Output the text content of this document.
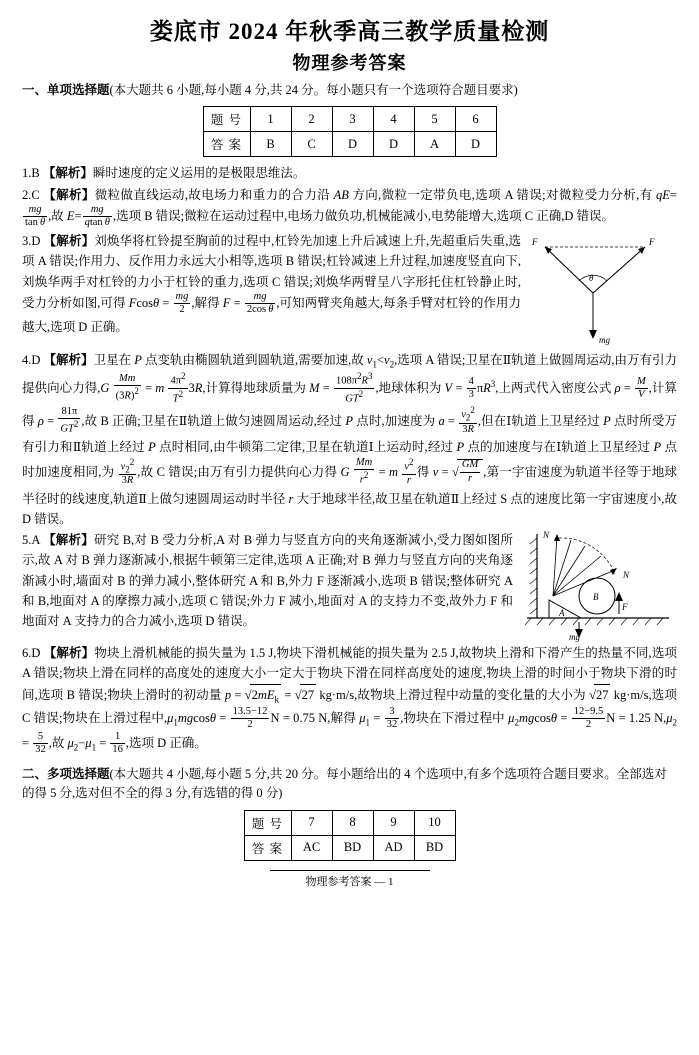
娄底市 2024 年秋季高三教学质量检测
物理参考答案
一、单项选择题(本大题共 6 小题,每小题 4 分,共 24 分。每小题只有一个选项符合题目要求)
题 号	1	2	3	4	5	6
答 案	B	C	D	D	A	D
1.B 【解析】瞬时速度的定义运用的是极限思维法。
2.C 【解析】微粒做直线运动,故电场力和重力的合力沿 AB 方向,微粒一定带负电,选项 A 错误;对微粒受力分析,有 qE=
$\frac{mg}{\text{tan θ}}$ ,故 $E= \frac{mg}{\text{qtan θ}}$ ,选项 B 错误;微粒在运动过程中,电场力做负功,机械能减小,电势能增大,选项 C 正确,D 错误。
θ
F	F
mg
3.D 【解析】刘焕华将杠铃提至胸前的过程中,杠铃先加速上升后减速上升,先超重后失重,选项 A 错误;作用力、反作用力永远大小相等,选项 B 错误;杠铃减速上升过程,加速度竖直向下,刘焕华两手对杠铃的力小于杠铃的重力,选项 C 错误;刘焕华两臂呈八字形托住杠铃静止时,受力分析如图,可得 $Fcos\theta = \frac{mg}{2}$ ,解得 $F = \frac{mg}{\text{2cos θ}}$ ,可知两臂夹角越大,每条手臂对杠铃的作用力越大,选项 D 正确。
4.D 【解析】卫星在 P 点变轨由椭圆轨道到圆轨道,需要加速,故 $v_1<v_2$,选项 A 错误;卫星在Ⅱ轨道上做圆周运动,由万有引力提供向心力得$,G \frac{Mm}{(3R)^2} = m \frac{4\pi^2}{T^2} 3R$,计算得地球质量为 $M = \frac{108\pi^2R^3}{GT^2}$ ,地球体积为 $V = \frac{4}{3} \pi R^3$,上两式代入密度公式 $\rho = \frac{M}{V}$ ,计算得 $\rho = \frac{81\pi}{GT^2}$ ,故 B 正确;卫星在Ⅱ轨道上做匀速圆周运动,经过 P 点时,加速度为 $a = \frac{v_2^2}{3R}$ ,但在Ⅰ轨道上卫星经过 P 点时所受万有引力和Ⅱ轨道上经过 P 点时相同,由牛顿第二定律,卫星在轨道Ⅰ上运动时,经过 P 点的加速度与在Ⅰ轨道上卫星经过 P 点时加速度相同,为 $\frac{v_2^2}{3R}$ ,故 C 错误;由万有引力提供向心力得 G $\frac{Mm}{r^2} = m \frac{v^2}{r}$ 得 v = √ $\frac{GM}{r}$ ,第一宇宙速度为轨道半径等于地球半径时的线速度,轨道Ⅱ上做匀速圆周运动时半径 r 大于地球半径,故卫星在轨道Ⅱ上经过 S 点的速度比第一宇宙速度小,故 D 错误。
B
A
F
mg
N
N
5.A 【解析】研究 B,对 B 受力分析,A 对 B 弹力与竖直方向的夹角逐渐减小,受力图如图所示,故 A 对 B 弹力逐渐减小,根据牛顿第三定律,选项 A 正确;对 B 弹力与竖直方向的夹角逐渐减小时,墙面对 B 的弹力减小,整体研究 A 和 B,外力 F 逐渐减小,选项 B 错误;整体研究 A 和 B,地面对 A 的摩擦力减小,选项 C 错误;外力 F 减小,地面对 A 的支持力不变,故外力 F 和地面对 A 支持力的合力减小,选项 D 错误。
6.D 【解析】物块上滑机械能的损失量为 1.5 J,物块下滑机械能的损失量为 2.5 J,故物块上滑和下滑产生的热量不同,选项 A 错误;物块上滑在同样的高度处的速度大小一定大于物块下滑在同样高度处的速度,物块上滑的时间小于物块下滑的时间,选项 B 错误;物块上滑时的初动量 $p = √2mE_k = √27$ kg·m/s,故物块上滑过程中动量的变化量的大小为 √27 kg·m/s,选项 C 错误;物块在上滑过程中$,\mu_1mgcos\theta = \frac{13.5-12}{2}$ N = 0.75 N,解得 $\mu_1 = \frac{3}{32}$ ,物块在下滑过程中 $\mu_2mgcos\theta = \frac{12-9.5}{2}$ N = 1.25 $N,\mu_2 = \frac{5}{32}$ ,故 $\mu_2-\mu_1 = \frac{1}{16}$ ,选项 D 正确。
二、多项选择题(本大题共 4 小题,每小题 5 分,共 20 分。每小题给出的 4 个选项中,有多个选项符合题目要求。全部选对的得 5 分,选对但不全的得 3 分,有选错的得 0 分)
题 号	7	8	9	10
答 案	AC	BD	AD	BD
物理参考答案 — 1
